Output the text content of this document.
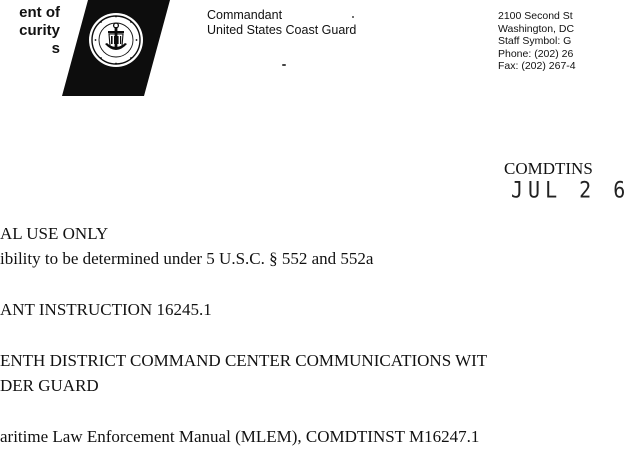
ent of
curity
s
Commandant
United States Coast Guard
2100 Second St
Washington, DC
Staff Symbol: G
Phone: (202) 26
Fax: (202) 267-4
COMDTINS
JUL 2 6
AL USE ONLY
ibility to be determined under 5 U.S.C. § 552 and 552a
ANT INSTRUCTION 16245.1
ENTH DISTRICT COMMAND CENTER COMMUNICATIONS WIT
DER GUARD
aritime Law Enforcement Manual (MLEM), COMDTINST M16247.1
